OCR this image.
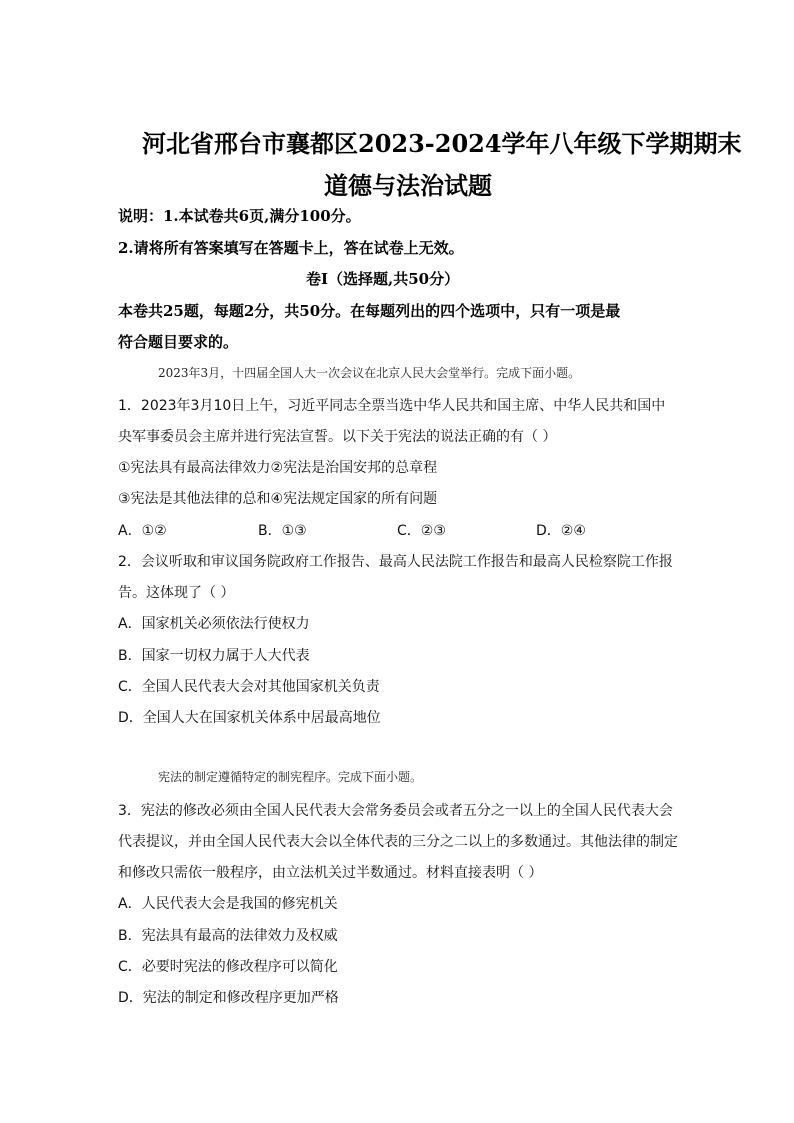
河北省邢台市襄都区2023-2024学年八年级下学期期末
道德与法治试题
说明：1.本试卷共6页,满分100分。
2.请将所有答案填写在答题卡上，答在试卷上无效。
卷Ⅰ（选择题,共50分）
本卷共25题，每题2分，共50分。在每题列出的四个选项中，只有一项是最
符合题目要求的。
2023年3月，十四届全国人大一次会议在北京人民大会堂举行。完成下面小题。
1．2023年3月10日上午，习近平同志全票当选中华人民共和国主席、中华人民共和国中
央军事委员会主席并进行宪法宣誓。以下关于宪法的说法正确的有（ ）
①宪法具有最高法律效力②宪法是治国安邦的总章程
③宪法是其他法律的总和④宪法规定国家的所有问题
A．①②	B．①③	C．②③	D．②④
2．会议听取和审议国务院政府工作报告、最高人民法院工作报告和最高人民检察院工作报
告。这体现了（ ）
A．国家机关必须依法行使权力
B．国家一切权力属于人大代表
C．全国人民代表大会对其他国家机关负责
D．全国人大在国家机关体系中居最高地位
宪法的制定遵循特定的制宪程序。完成下面小题。
3．宪法的修改必须由全国人民代表大会常务委员会或者五分之一以上的全国人民代表大会
代表提议，并由全国人民代表大会以全体代表的三分之二以上的多数通过。其他法律的制定
和修改只需依一般程序，由立法机关过半数通过。材料直接表明（ ）
A．人民代表大会是我国的修宪机关
B．宪法具有最高的法律效力及权威
C．必要时宪法的修改程序可以简化
D．宪法的制定和修改程序更加严格
